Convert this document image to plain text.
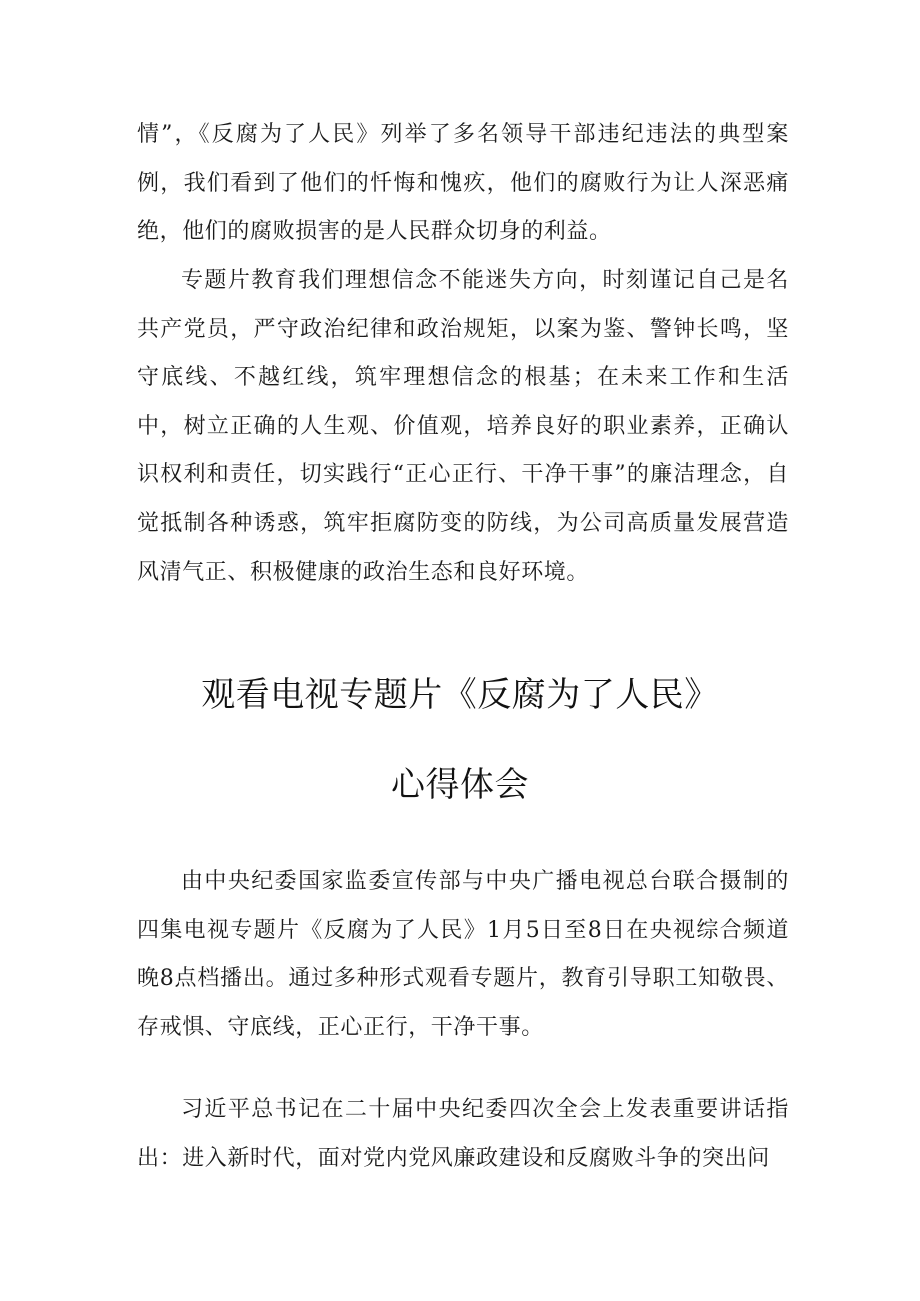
情”，《反腐为了人民》列举了多名领导干部违纪违法的典型案例，我们看到了他们的忏悔和愧疚，他们的腐败行为让人深恶痛绝，他们的腐败损害的是人民群众切身的利益。

专题片教育我们理想信念不能迷失方向，时刻谨记自己是名共产党员，严守政治纪律和政治规矩，以案为鉴、警钟长鸣，坚守底线、不越红线，筑牢理想信念的根基；在未来工作和生活中，树立正确的人生观、价值观，培养良好的职业素养，正确认识权利和责任，切实践行“正心正行、干净干事”的廉洁理念，自觉抵制各种诱惑，筑牢拒腐防变的防线，为公司高质量发展营造风清气正、积极健康的政治生态和良好环境。

观看电视专题片《反腐为了人民》
心得体会

由中央纪委国家监委宣传部与中央广播电视总台联合摄制的四集电视专题片《反腐为了人民》1月5日至8日在央视综合频道晚8点档播出。通过多种形式观看专题片，教育引导职工知敬畏、存戒惧、守底线，正心正行，干净干事。

习近平总书记在二十届中央纪委四次全会上发表重要讲话指出：进入新时代，面对党内党风廉政建设和反腐败斗争的突出问
